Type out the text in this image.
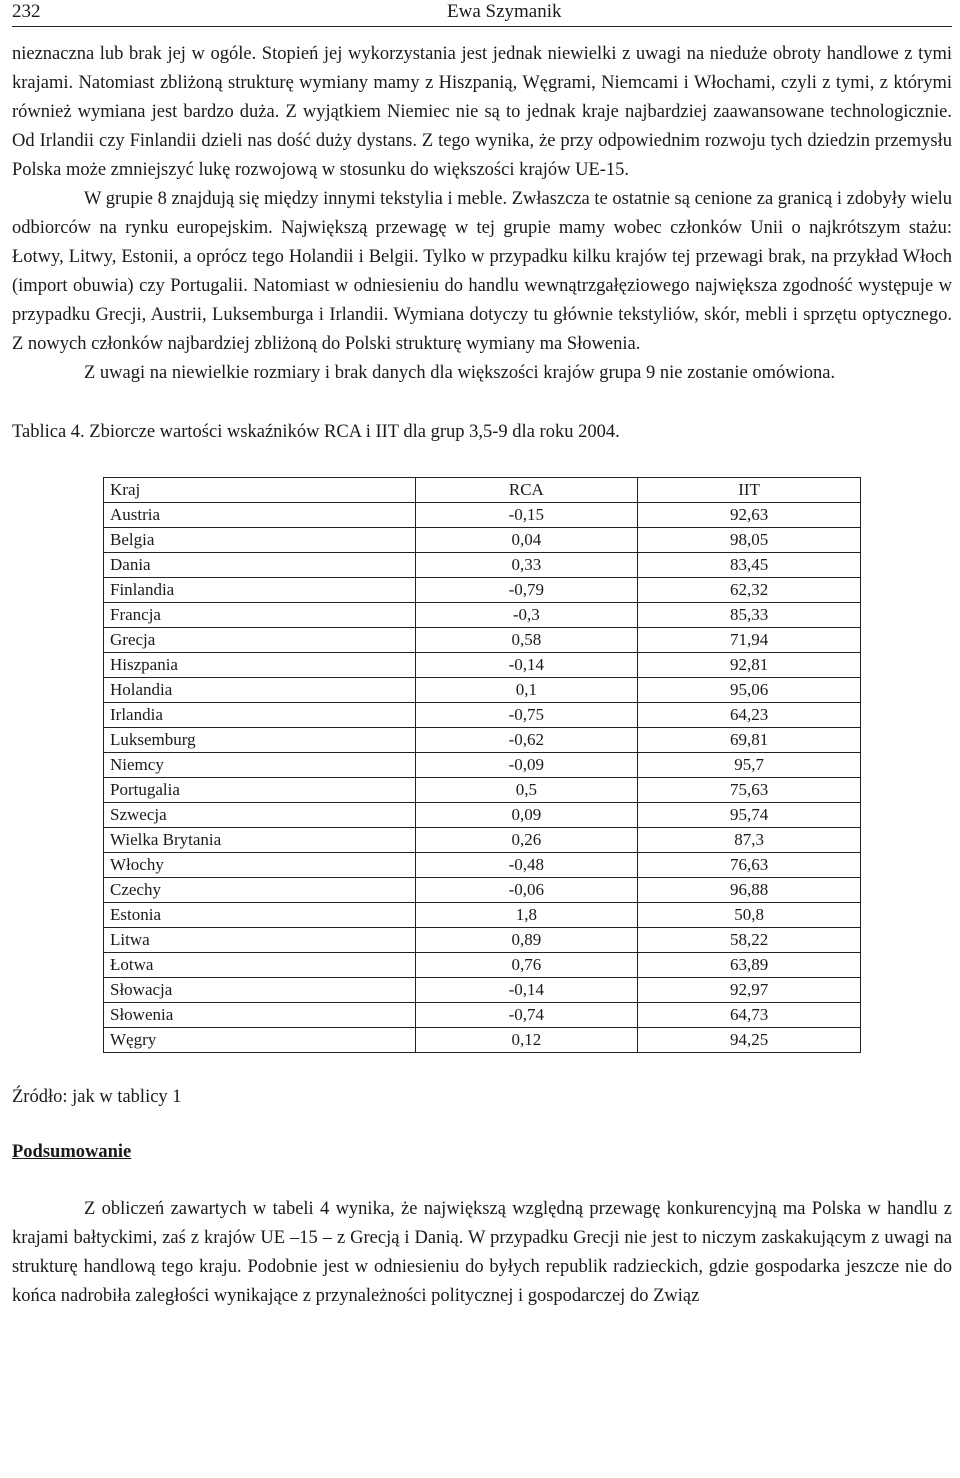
232	Ewa Szymanik

nieznaczna lub brak jej w ogóle. Stopień jej wykorzystania jest jednak niewielki z uwagi na nieduże obroty handlowe z tymi krajami. Natomiast zbliżoną strukturę wymiany mamy z Hiszpanią, Węgrami, Niemcami i Włochami, czyli z tymi, z którymi również wymiana jest bardzo duża. Z wyjątkiem Niemiec nie są to jednak kraje najbardziej zaawansowane technologicznie. Od Irlandii czy Finlandii dzieli nas dość duży dystans. Z tego wynika, że przy odpowiednim rozwoju tych dziedzin przemysłu Polska może zmniejszyć lukę rozwojową w stosunku do większości krajów UE-15.

W grupie 8 znajdują się między innymi tekstylia i meble. Zwłaszcza te ostatnie są cenione za granicą i zdobyły wielu odbiorców na rynku europejskim. Największą przewagę w tej grupie mamy wobec członków Unii o najkrótszym stażu: Łotwy, Litwy, Estonii, a oprócz tego Holandii i Belgii. Tylko w przypadku kilku krajów tej przewagi brak, na przykład Włoch (import obuwia) czy Portugalii. Natomiast w odniesieniu do handlu wewnątrzgałęziowego największa zgodność występuje w przypadku Grecji, Austrii, Luksemburga i Irlandii. Wymiana dotyczy tu głównie tekstyliów, skór, mebli i sprzętu optycznego. Z nowych członków najbardziej zbliżoną do Polski strukturę wymiany ma Słowenia.

Z uwagi na niewielkie rozmiary i brak danych dla większości krajów grupa 9 nie zostanie omówiona.

Tablica 4. Zbiorcze wartości wskaźników RCA i IIT dla grup 3,5-9 dla roku 2004.

Kraj	RCA	IIT
Austria	-0,15	92,63
Belgia	0,04	98,05
Dania	0,33	83,45
Finlandia	-0,79	62,32
Francja	-0,3	85,33
Grecja	0,58	71,94
Hiszpania	-0,14	92,81
Holandia	0,1	95,06
Irlandia	-0,75	64,23
Luksemburg	-0,62	69,81
Niemcy	-0,09	95,7
Portugalia	0,5	75,63
Szwecja	0,09	95,74
Wielka Brytania	0,26	87,3
Włochy	-0,48	76,63
Czechy	-0,06	96,88
Estonia	1,8	50,8
Litwa	0,89	58,22
Łotwa	0,76	63,89
Słowacja	-0,14	92,97
Słowenia	-0,74	64,73
Węgry	0,12	94,25

Źródło: jak w tablicy 1

Podsumowanie

Z obliczeń zawartych w tabeli 4 wynika, że największą względną przewagę konkurencyjną ma Polska w handlu z krajami bałtyckimi, zaś z krajów UE –15 – z Grecją i Danią. W przypadku Grecji nie jest to niczym zaskakującym z uwagi na strukturę handlową tego kraju. Podobnie jest w odniesieniu do byłych republik radzieckich, gdzie gospodarka jeszcze nie do końca nadrobiła zaległości wynikające z przynależności politycznej i gospodarczej do Związ
